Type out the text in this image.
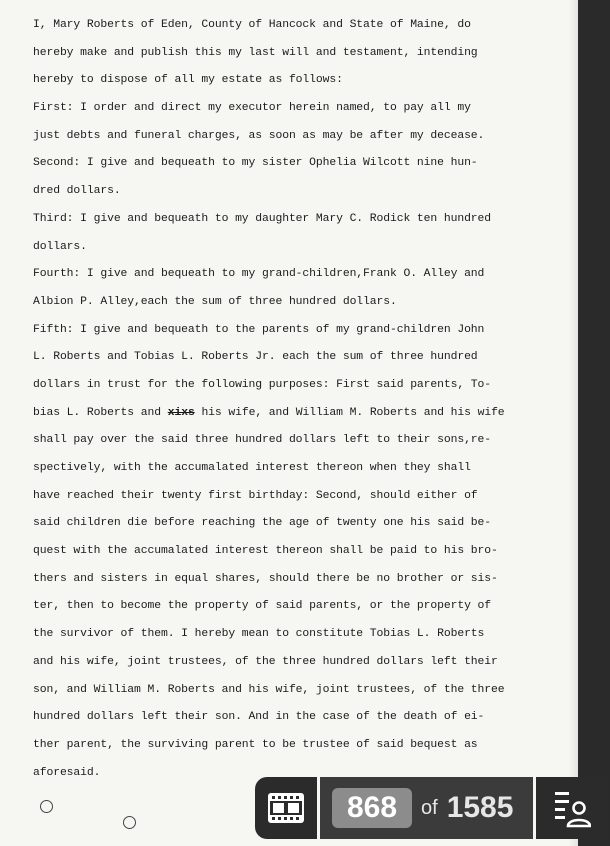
I, Mary Roberts of Eden, County of Hancock and State of Maine, do
hereby make and publish this my last will and testament, intending
hereby to dispose of all my estate as follows:
First: I order and direct my executor herein named, to pay all my
just debts and funeral charges, as soon as may be after my decease.
Second: I give and bequeath to my sister Ophelia Wilcott nine hun-
dred dollars.
Third: I give and bequeath to my daughter Mary C. Rodick ten hundred
dollars.
Fourth: I give and bequeath to my grand-children,Frank O. Alley and
Albion P. Alley,each the sum of three hundred dollars.
Fifth: I give and bequeath to the parents of my grand-children John
L. Roberts and Tobias L. Roberts Jr. each the sum of three hundred
dollars in trust for the following purposes: First said parents, To-
bias L. Roberts and xixs his wife, and William M. Roberts and his wife
shall pay over the said three hundred dollars left to their sons,re-
spectively, with the accumalated interest thereon when they shall
have reached their twenty first birthday: Second, should either of
said children die before reaching the age of twenty one his said be-
quest with the accumalated interest thereon shall be paid to his bro-
thers and sisters in equal shares, should there be no brother or sis-
ter, then to become the property of said parents, or the property of
the survivor of them. I hereby mean to constitute Tobias L. Roberts
and his wife, joint trustees, of the three hundred dollars left their
son, and William M. Roberts and his wife, joint trustees, of the three
hundred dollars left their son. And in the case of the death of ei-
ther parent, the surviving parent to be trustee of said bequest as
aforesaid.
868	of 1585
